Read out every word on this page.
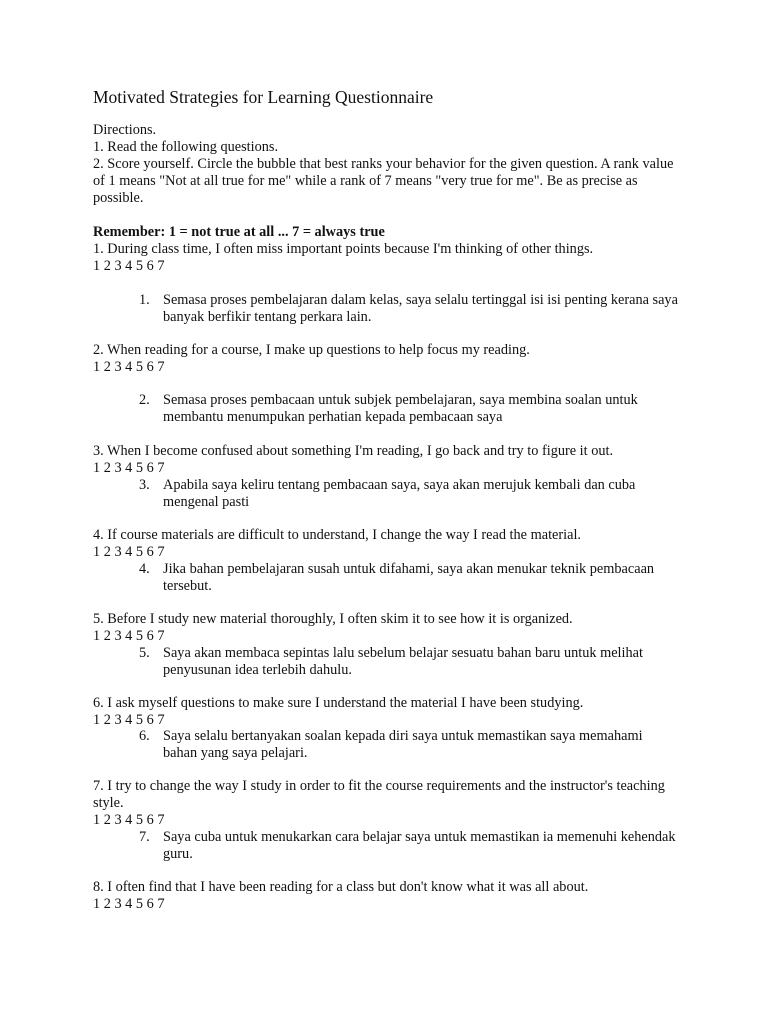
Motivated Strategies for Learning Questionnaire
Directions.
1. Read the following questions.
2. Score yourself. Circle the bubble that best ranks your behavior for the given question. A rank value of 1 means "Not at all true for me" while a rank of 7 means "very true for me". Be as precise as possible.
Remember: 1 = not true at all ... 7 = always true
1. During class time, I often miss important points because I'm thinking of other things.
1 2 3 4 5 6 7
1. Semasa proses pembelajaran dalam kelas, saya selalu tertinggal isi isi penting kerana saya banyak berfikir tentang perkara lain.
2. When reading for a course, I make up questions to help focus my reading.
1 2 3 4 5 6 7
2. Semasa proses pembacaan untuk subjek pembelajaran, saya membina soalan untuk membantu menumpukan perhatian kepada pembacaan saya
3. When I become confused about something I'm reading, I go back and try to figure it out.
1 2 3 4 5 6 7
3. Apabila saya keliru tentang pembacaan saya, saya akan merujuk kembali dan cuba mengenal pasti
4. If course materials are difficult to understand, I change the way I read the material.
1 2 3 4 5 6 7
4. Jika bahan pembelajaran susah untuk difahami, saya akan menukar teknik pembacaan tersebut.
5. Before I study new material thoroughly, I often skim it to see how it is organized.
1 2 3 4 5 6 7
5. Saya akan membaca sepintas lalu sebelum belajar sesuatu bahan baru untuk melihat penyusunan idea terlebih dahulu.
6. I ask myself questions to make sure I understand the material I have been studying.
1 2 3 4 5 6 7
6. Saya selalu bertanyakan soalan kepada diri saya untuk memastikan saya memahami bahan yang saya pelajari.
7. I try to change the way I study in order to fit the course requirements and the instructor's teaching style.
1 2 3 4 5 6 7
7. Saya cuba untuk menukarkan cara belajar saya untuk memastikan ia memenuhi kehendak guru.
8. I often find that I have been reading for a class but don't know what it was all about.
1 2 3 4 5 6 7
